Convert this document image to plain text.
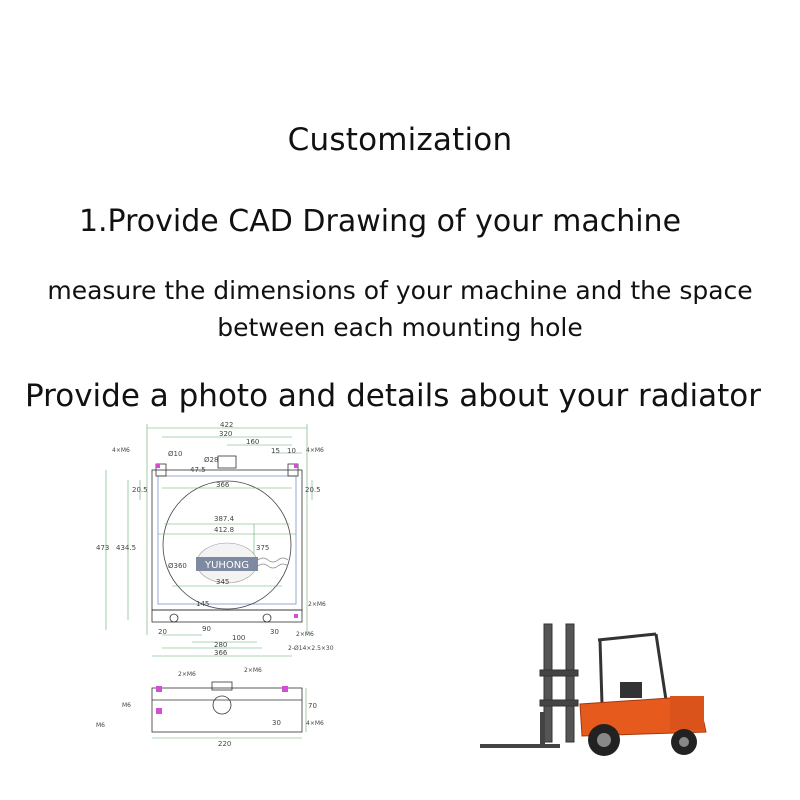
Customization
1.Provide CAD Drawing of your machine
measure the dimensions of your machine and the space
between each mounting hole
Provide a photo and details about your radiator
YUHONG
422
320
160
15 10
366
387.4
412.8
345
Ø360
Ø28
Ø10
47.5
20.5	20.5
473 434.5	375
145
90
100
280
366
20	30
4×M6	4×M6
2×M6
2×M6
2-Ø14×2.5×30
2×M6
2×M6
M6
M6	4×M6
70
30
220
